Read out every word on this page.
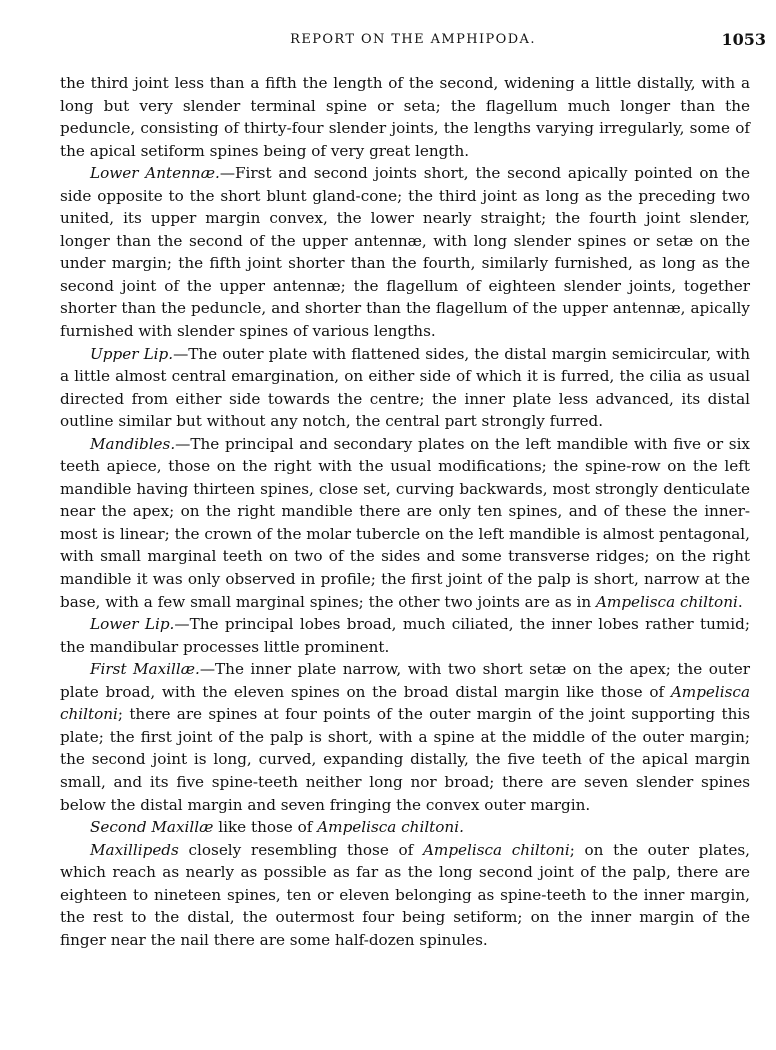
REPORT ON THE AMPHIPODA.	1053

the third joint less than a fifth the length of the second, widening a little distally, with a long but very slender terminal spine or seta; the flagellum much longer than the peduncle, consisting of thirty-four slender joints, the lengths varying irregularly, some of the apical setiform spines being of very great length.

Lower Antennæ.—First and second joints short, the second apically pointed on the side opposite to the short blunt gland-cone; the third joint as long as the preceding two united, its upper margin convex, the lower nearly straight; the fourth joint slender, longer than the second of the upper antennæ, with long slender spines or setæ on the under margin; the fifth joint shorter than the fourth, similarly furnished, as long as the second joint of the upper antennæ; the flagellum of eighteen slender joints, together shorter than the peduncle, and shorter than the flagellum of the upper antennæ, apically furnished with slender spines of various lengths.

Upper Lip.—The outer plate with flattened sides, the distal margin semicircular, with a little almost central emargination, on either side of which it is furred, the cilia as usual directed from either side towards the centre; the inner plate less advanced, its distal outline similar but without any notch, the central part strongly furred.

Mandibles.—The principal and secondary plates on the left mandible with five or six teeth apiece, those on the right with the usual modifications; the spine-row on the left mandible having thirteen spines, close set, curving backwards, most strongly denticulate near the apex; on the right mandible there are only ten spines, and of these the inner-most is linear; the crown of the molar tubercle on the left mandible is almost pentagonal, with small marginal teeth on two of the sides and some transverse ridges; on the right mandible it was only observed in profile; the first joint of the palp is short, narrow at the base, with a few small marginal spines; the other two joints are as in Ampelisca chiltoni.

Lower Lip.—The principal lobes broad, much ciliated, the inner lobes rather tumid; the mandibular processes little prominent.

First Maxillæ.—The inner plate narrow, with two short setæ on the apex; the outer plate broad, with the eleven spines on the broad distal margin like those of Ampelisca chiltoni; there are spines at four points of the outer margin of the joint supporting this plate; the first joint of the palp is short, with a spine at the middle of the outer margin; the second joint is long, curved, expanding distally, the five teeth of the apical margin small, and its five spine-teeth neither long nor broad; there are seven slender spines below the distal margin and seven fringing the convex outer margin.

Second Maxillæ like those of Ampelisca chiltoni.

Maxillipeds closely resembling those of Ampelisca chiltoni; on the outer plates, which reach as nearly as possible as far as the long second joint of the palp, there are eighteen to nineteen spines, ten or eleven belonging as spine-teeth to the inner margin, the rest to the distal, the outermost four being setiform; on the inner margin of the finger near the nail there are some half-dozen spinules.
